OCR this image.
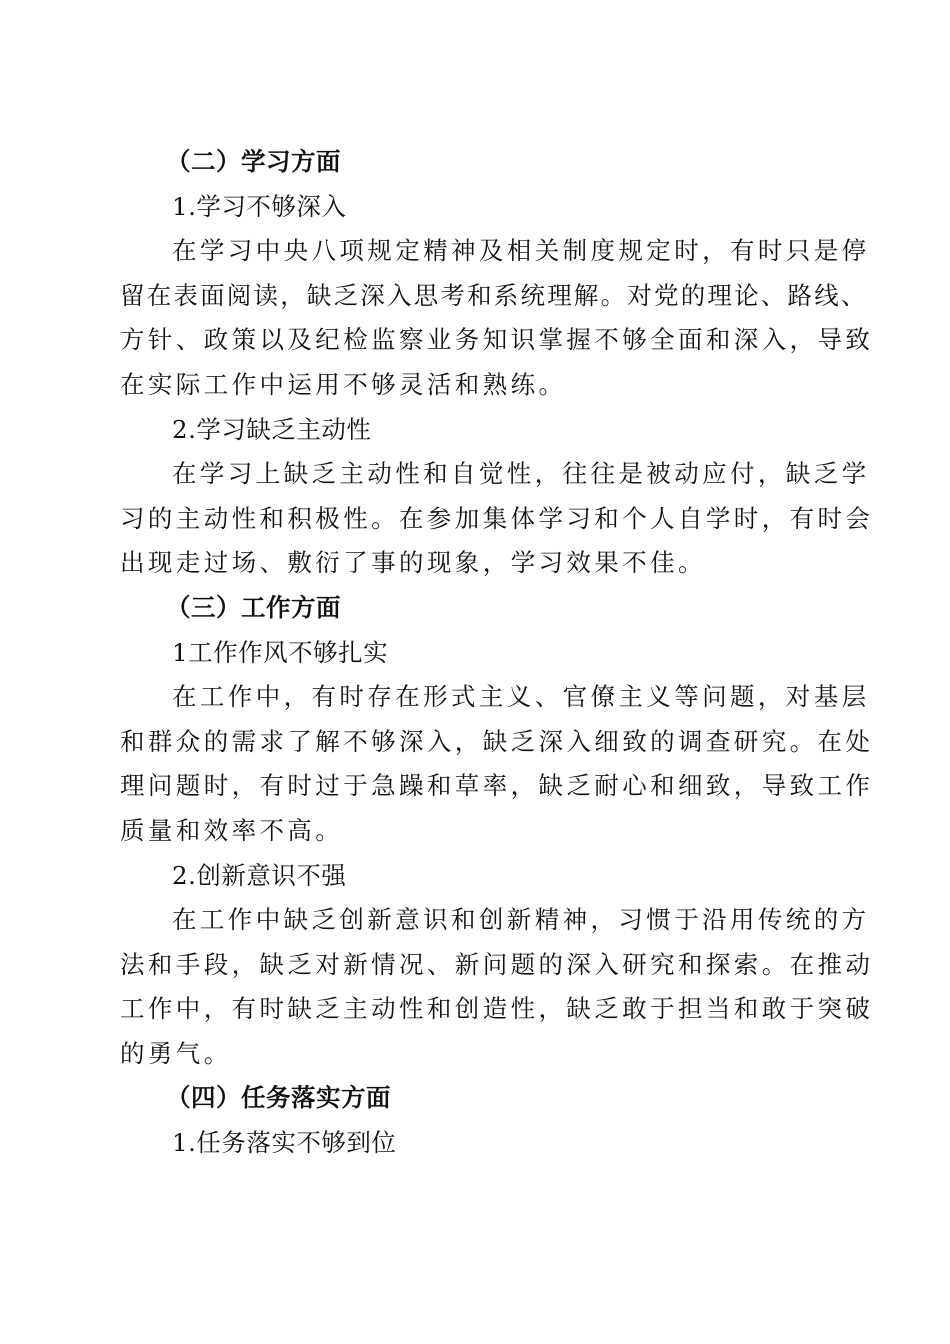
（二）学习方面
1.学习不够深入
在学习中央八项规定精神及相关制度规定时，有时只是停
留在表面阅读，缺乏深入思考和系统理解。对党的理论、路线、
方针、政策以及纪检监察业务知识掌握不够全面和深入，导致
在实际工作中运用不够灵活和熟练。
2.学习缺乏主动性
在学习上缺乏主动性和自觉性，往往是被动应付，缺乏学
习的主动性和积极性。在参加集体学习和个人自学时，有时会
出现走过场、敷衍了事的现象，学习效果不佳。
（三）工作方面
1工作作风不够扎实
在工作中，有时存在形式主义、官僚主义等问题，对基层
和群众的需求了解不够深入，缺乏深入细致的调查研究。在处
理问题时，有时过于急躁和草率，缺乏耐心和细致，导致工作
质量和效率不高。
2.创新意识不强
在工作中缺乏创新意识和创新精神，习惯于沿用传统的方
法和手段，缺乏对新情况、新问题的深入研究和探索。在推动
工作中，有时缺乏主动性和创造性，缺乏敢于担当和敢于突破
的勇气。
（四）任务落实方面
1.任务落实不够到位
